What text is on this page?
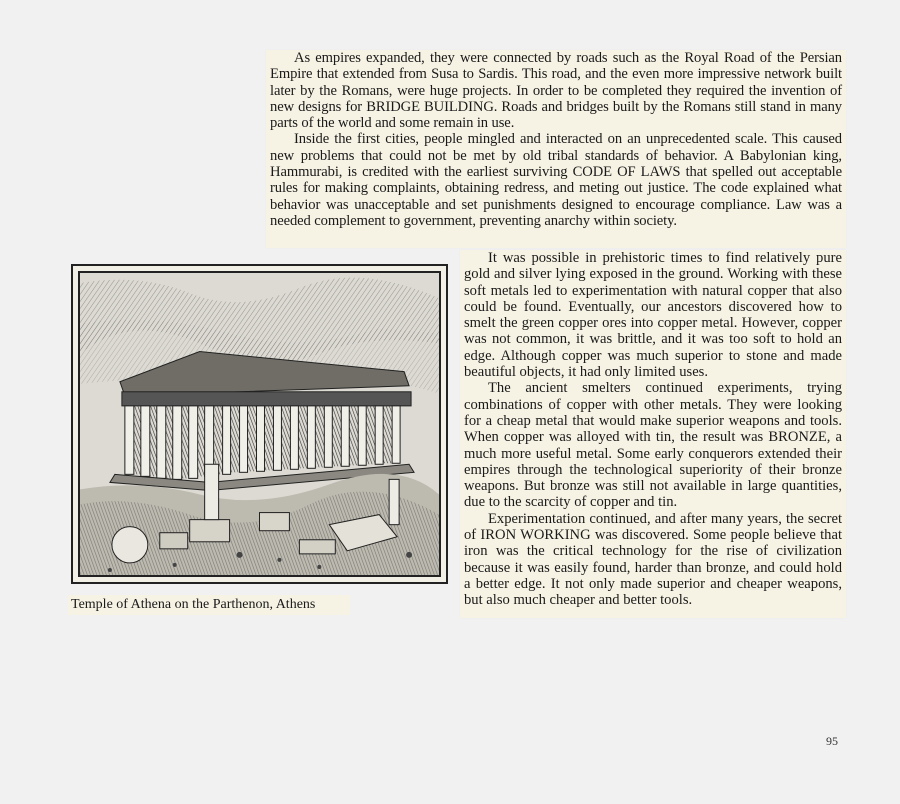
As empires expanded, they were connected by roads such as the Royal Road of the Persian Empire that extended from Susa to Sardis. This road, and the even more impressive network built later by the Romans, were huge projects. In order to be completed they required the invention of new designs for BRIDGE BUILDING. Roads and bridges built by the Romans still stand in many parts of the world and some remain in use.

Inside the first cities, people mingled and interacted on an unprecedented scale. This caused new problems that could not be met by old tribal standards of behavior. A Babylonian king, Hammurabi, is credited with the earliest surviving CODE OF LAWS that spelled out acceptable rules for making complaints, obtaining redress, and meting out justice. The code explained what behavior was unacceptable and set punishments designed to encourage compliance. Law was a needed complement to government, preventing anarchy within society.

Temple of Athena on the Parthenon, Athens

It was possible in prehistoric times to find relatively pure gold and silver lying exposed in the ground. Working with these soft metals led to experimentation with natural copper that also could be found. Eventually, our ancestors discovered how to smelt the green copper ores into copper metal. However, copper was not common, it was brittle, and it was too soft to hold an edge. Although copper was much superior to stone and made beautiful objects, it had only limited uses.

The ancient smelters continued experiments, trying combinations of copper with other metals. They were looking for a cheap metal that would make superior weapons and tools. When copper was alloyed with tin, the result was BRONZE, a much more useful metal. Some early conquerors extended their empires through the technological superiority of their bronze weapons. But bronze was still not available in large quantities, due to the scarcity of copper and tin.

Experimentation continued, and after many years, the secret of IRON WORKING was discovered. Some people believe that iron was the critical technology for the rise of civilization because it was easily found, harder than bronze, and could hold a better edge. It not only made superior and cheaper weapons, but also much cheaper and better tools.

95
